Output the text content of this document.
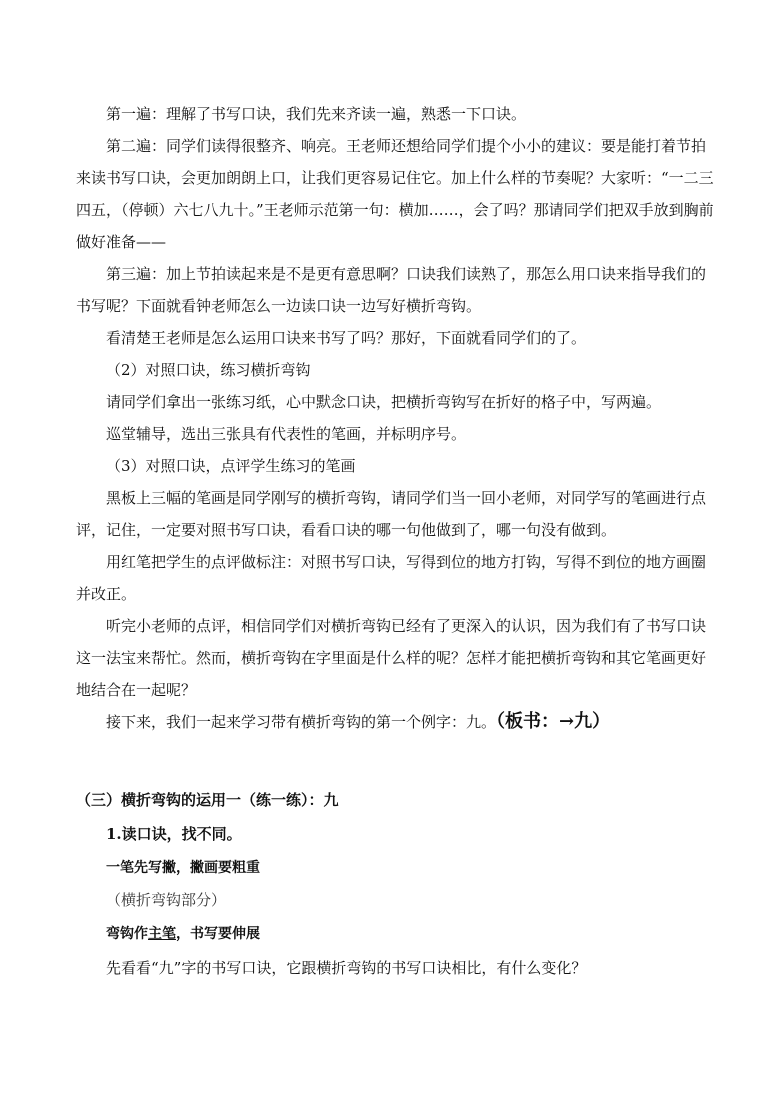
第一遍：理解了书写口诀，我们先来齐读一遍，熟悉一下口诀。

第二遍：同学们读得很整齐、响亮。王老师还想给同学们提个小小的建议：要是能打着节拍来读书写口诀，会更加朗朗上口，让我们更容易记住它。加上什么样的节奏呢？大家听：“一二三四五，（停顿）六七八九十。”王老师示范第一句：横加……，会了吗？那请同学们把双手放到胸前做好准备——

第三遍：加上节拍读起来是不是更有意思啊？口诀我们读熟了，那怎么用口诀来指导我们的书写呢？下面就看钟老师怎么一边读口诀一边写好横折弯钩。

看清楚王老师是怎么运用口诀来书写了吗？那好，下面就看同学们的了。

（2）对照口诀，练习横折弯钩

请同学们拿出一张练习纸，心中默念口诀，把横折弯钩写在折好的格子中，写两遍。

巡堂辅导，选出三张具有代表性的笔画，并标明序号。

（3）对照口诀，点评学生练习的笔画

黑板上三幅的笔画是同学刚写的横折弯钩，请同学们当一回小老师，对同学写的笔画进行点评，记住，一定要对照书写口诀，看看口诀的哪一句他做到了，哪一句没有做到。

用红笔把学生的点评做标注：对照书写口诀，写得到位的地方打钩，写得不到位的地方画圈并改正。

听完小老师的点评，相信同学们对横折弯钩已经有了更深入的认识，因为我们有了书写口诀这一法宝来帮忙。然而，横折弯钩在字里面是什么样的呢？怎样才能把横折弯钩和其它笔画更好地结合在一起呢？

接下来，我们一起来学习带有横折弯钩的第一个例字：九。（板书：→九）

（三）横折弯钩的运用一（练一练）：九

1.读口诀，找不同。

一笔先写撇，撇画要粗重

（横折弯钩部分）

弯钩作主笔，书写要伸展

先看看“九”字的书写口诀，它跟横折弯钩的书写口诀相比，有什么变化？
